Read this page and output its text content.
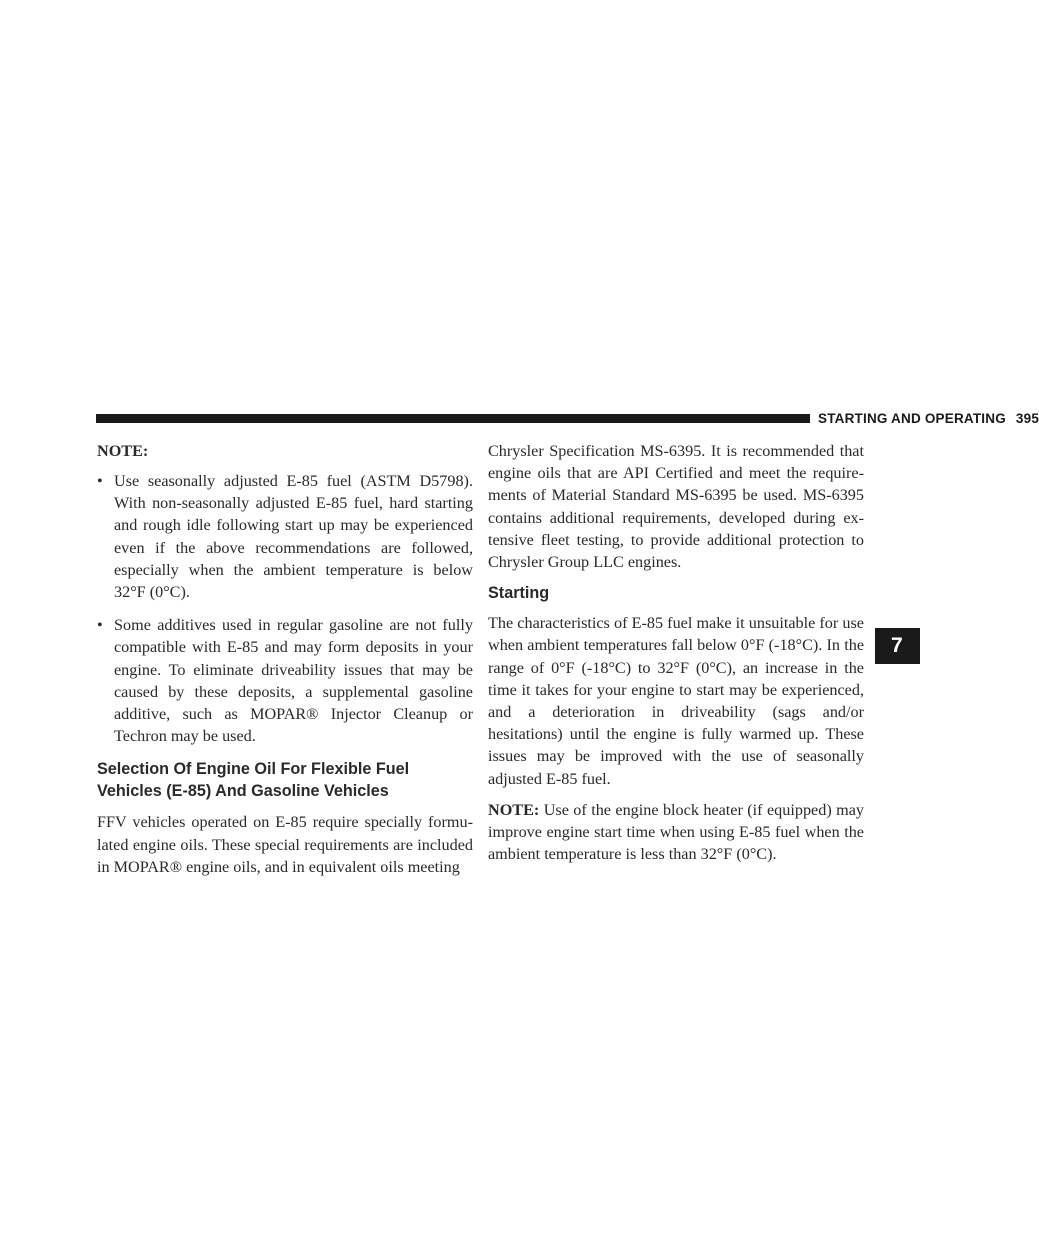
STARTING AND OPERATING 395
NOTE:
• Use seasonally adjusted E-85 fuel (ASTM D5798). With non-seasonally adjusted E-85 fuel, hard starting and rough idle following start up may be experienced even if the above recommendations are followed, especially when the ambient temperature is below 32°F (0°C).
• Some additives used in regular gasoline are not fully compatible with E-85 and may form deposits in your engine. To eliminate driveability issues that may be caused by these deposits, a supplemental gasoline additive, such as MOPAR® Injector Cleanup or Techron may be used.
Selection Of Engine Oil For Flexible Fuel Vehicles (E-85) And Gasoline Vehicles
FFV vehicles operated on E-85 require specially formu-lated engine oils. These special requirements are included in MOPAR® engine oils, and in equivalent oils meeting
Chrysler Specification MS-6395. It is recommended that engine oils that are API Certified and meet the require-ments of Material Standard MS-6395 be used. MS-6395 contains additional requirements, developed during ex-tensive fleet testing, to provide additional protection to Chrysler Group LLC engines.
Starting
The characteristics of E-85 fuel make it unsuitable for use when ambient temperatures fall below 0°F (-18°C). In the range of 0°F (-18°C) to 32°F (0°C), an increase in the time it takes for your engine to start may be experienced, and a deterioration in driveability (sags and/or hesitations) until the engine is fully warmed up. These issues may be improved with the use of seasonally adjusted E-85 fuel.
NOTE: Use of the engine block heater (if equipped) may improve engine start time when using E-85 fuel when the ambient temperature is less than 32°F (0°C).
7
